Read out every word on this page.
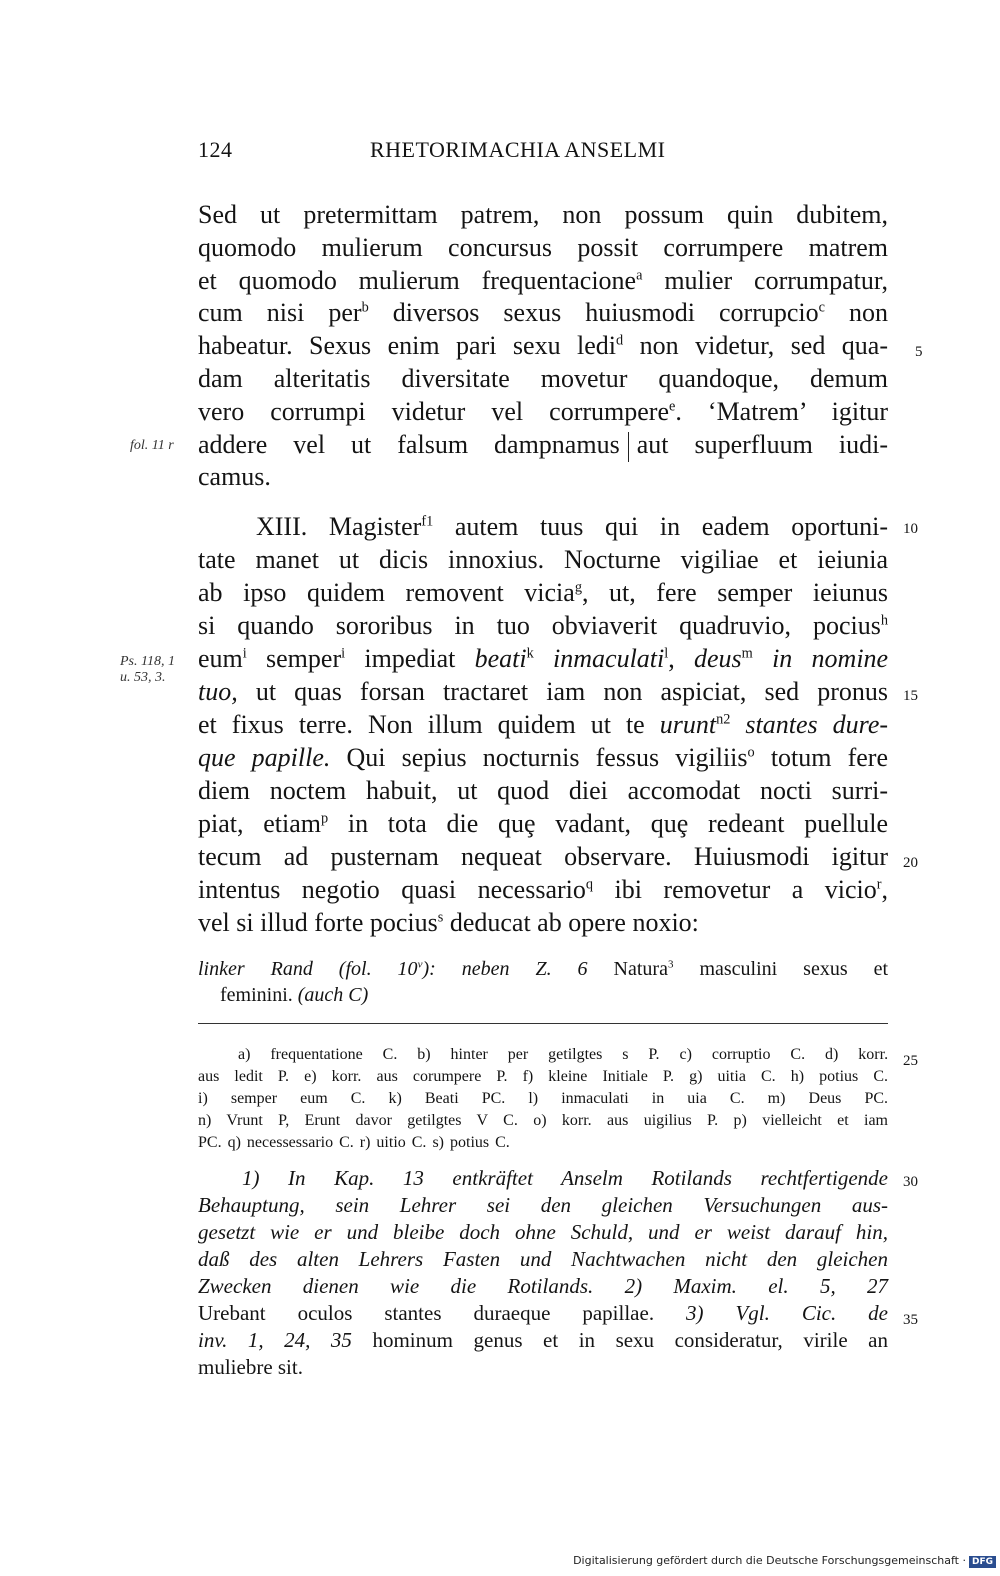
124	RHETORIMACHIA ANSELMI
Sed ut pretermittam patrem, non possum quin dubitem,
quomodo mulierum concursus possit corrumpere matrem
et quomodo mulierum frequentacione$^a$ mulier corrumpatur,
cum nisi per$^b$ diversos sexus huiusmodi corrupcio$^c$ non
habeatur. Sexus enim pari sexu ledi$^d$ non videtur, sed qua-
dam alteritatis diversitate movetur quandoque, demum
vero corrumpi videtur vel corrumpere$^e$. ‘Matrem’ igitur
addere vel ut falsum dampnamus aut superfluum iudi-
camus.
XIII. Magister$^{f1}$ autem tuus qui in eadem oportuni-
tate manet ut dicis innoxius. Nocturne vigiliae et ieiunia
ab ipso quidem removent vicia$^g$, ut, fere semper ieiunus
si quando sororibus in tuo obviaverit quadruvio, pocius$^h$
eum$^i$ semper$^i$ impediat beati$^k$ inmaculati$^l$, deus$^m$ in nomine
tuo, ut quas forsan tractaret iam non aspiciat, sed pronus
et fixus terre. Non illum quidem ut te urunt$^{n2}$ stantes dure-
que papille. Qui sepius nocturnis fessus vigiliis$^o$ totum fere
diem noctem habuit, ut quod diei accomodat nocti surri-
piat, etiam$^p$ in tota die quȩ vadant, quȩ redeant puellule
tecum ad pusternam nequeat observare. Huiusmodi igitur
intentus negotio quasi necessario$^q$ ibi removetur a vicio$^r$,
vel si illud forte pocius$^s$ deducat ab opere noxio:
fol. 11 r
Ps. 118, 1
u. 53, 3.
5
10
15
20
25
30
35
linker Rand (fol. 10$^v$): neben Z. 6 Natura$^3$ masculini sexus et
feminini. (auch C)
a) frequentatione C. b) hinter per getilgtes s P. c) corruptio C. d) korr.
aus ledit P. e) korr. aus corumpere P. f) kleine Initiale P. g) uitia C. h) potius C.
i) semper eum C. k) Beati PC. l) inmaculati in uia C. m) Deus PC.
n) Vrunt P, Erunt davor getilgtes V C. o) korr. aus uigilius P. p) vielleicht et iam
PC. q) necessessario C. r) uitio C. s) potius C.
1) In Kap. 13 entkräftet Anselm Rotilands rechtfertigende
Behauptung, sein Lehrer sei den gleichen Versuchungen aus-
gesetzt wie er und bleibe doch ohne Schuld, und er weist darauf hin,
daß des alten Lehrers Fasten und Nachtwachen nicht den gleichen
Zwecken dienen wie die Rotilands. 2) Maxim. el. 5, 27
Urebant oculos stantes duraeque papillae. 3) Vgl. Cic. de
inv. 1, 24, 35 hominum genus et in sexu consideratur, virile an
muliebre sit.
Digitalisierung gefördert durch die Deutsche Forschungsgemeinschaft · DFG
